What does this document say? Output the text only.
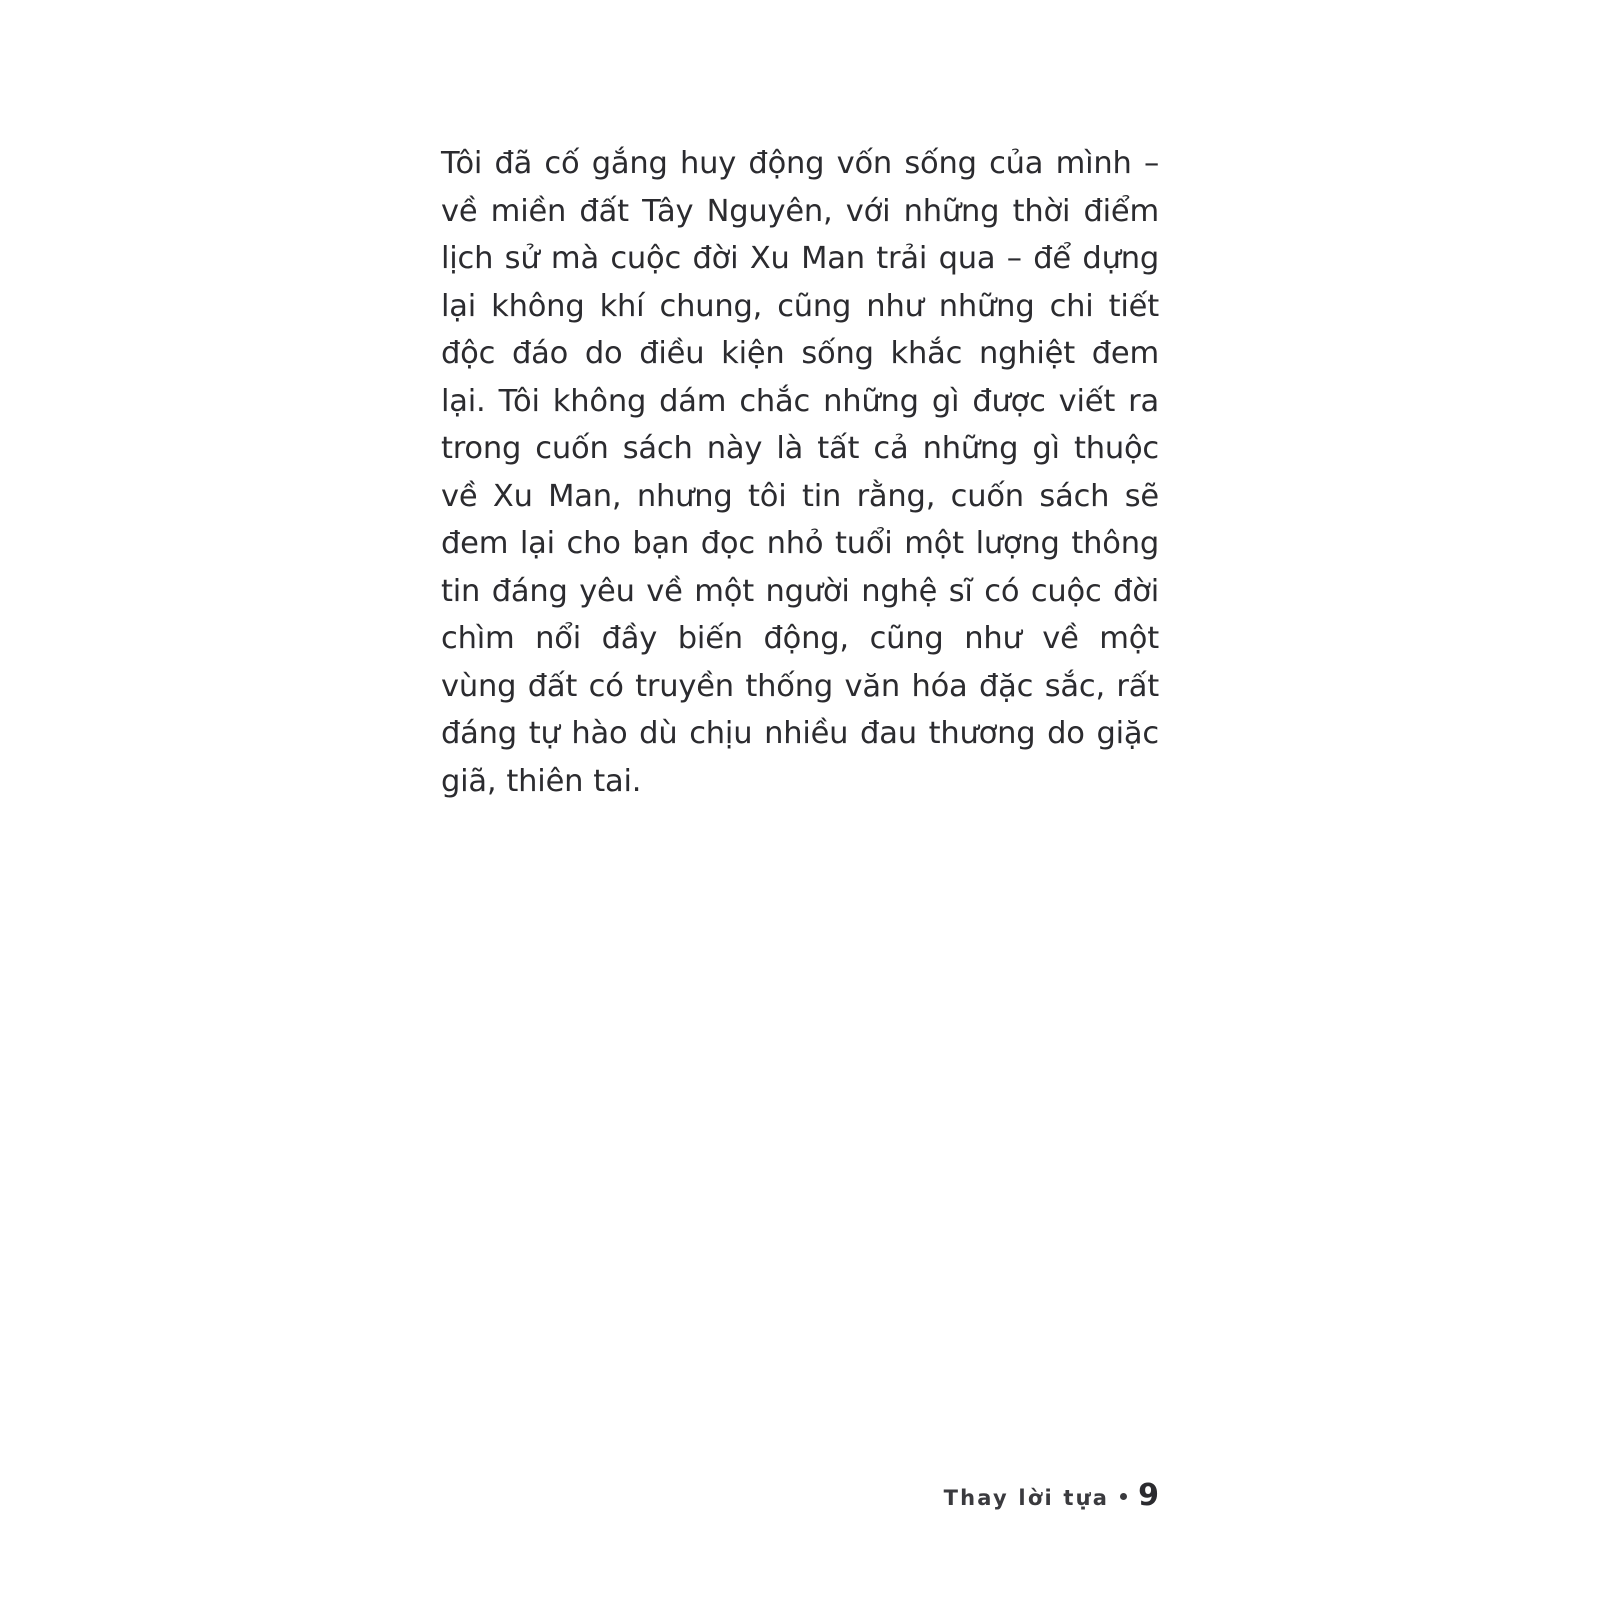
Tôi đã cố gắng huy động vốn sống của mình – về miền đất Tây Nguyên, với những thời điểm lịch sử mà cuộc đời Xu Man trải qua – để dựng lại không khí chung, cũng như những chi tiết độc đáo do điều kiện sống khắc nghiệt đem lại. Tôi không dám chắc những gì được viết ra trong cuốn sách này là tất cả những gì thuộc về Xu Man, nhưng tôi tin rằng, cuốn sách sẽ đem lại cho bạn đọc nhỏ tuổi một lượng thông tin đáng yêu về một người nghệ sĩ có cuộc đời chìm nổi đầy biến động, cũng như về một vùng đất có truyền thống văn hóa đặc sắc, rất đáng tự hào dù chịu nhiều đau thương do giặc giã, thiên tai.

Thay lời tựa 9
